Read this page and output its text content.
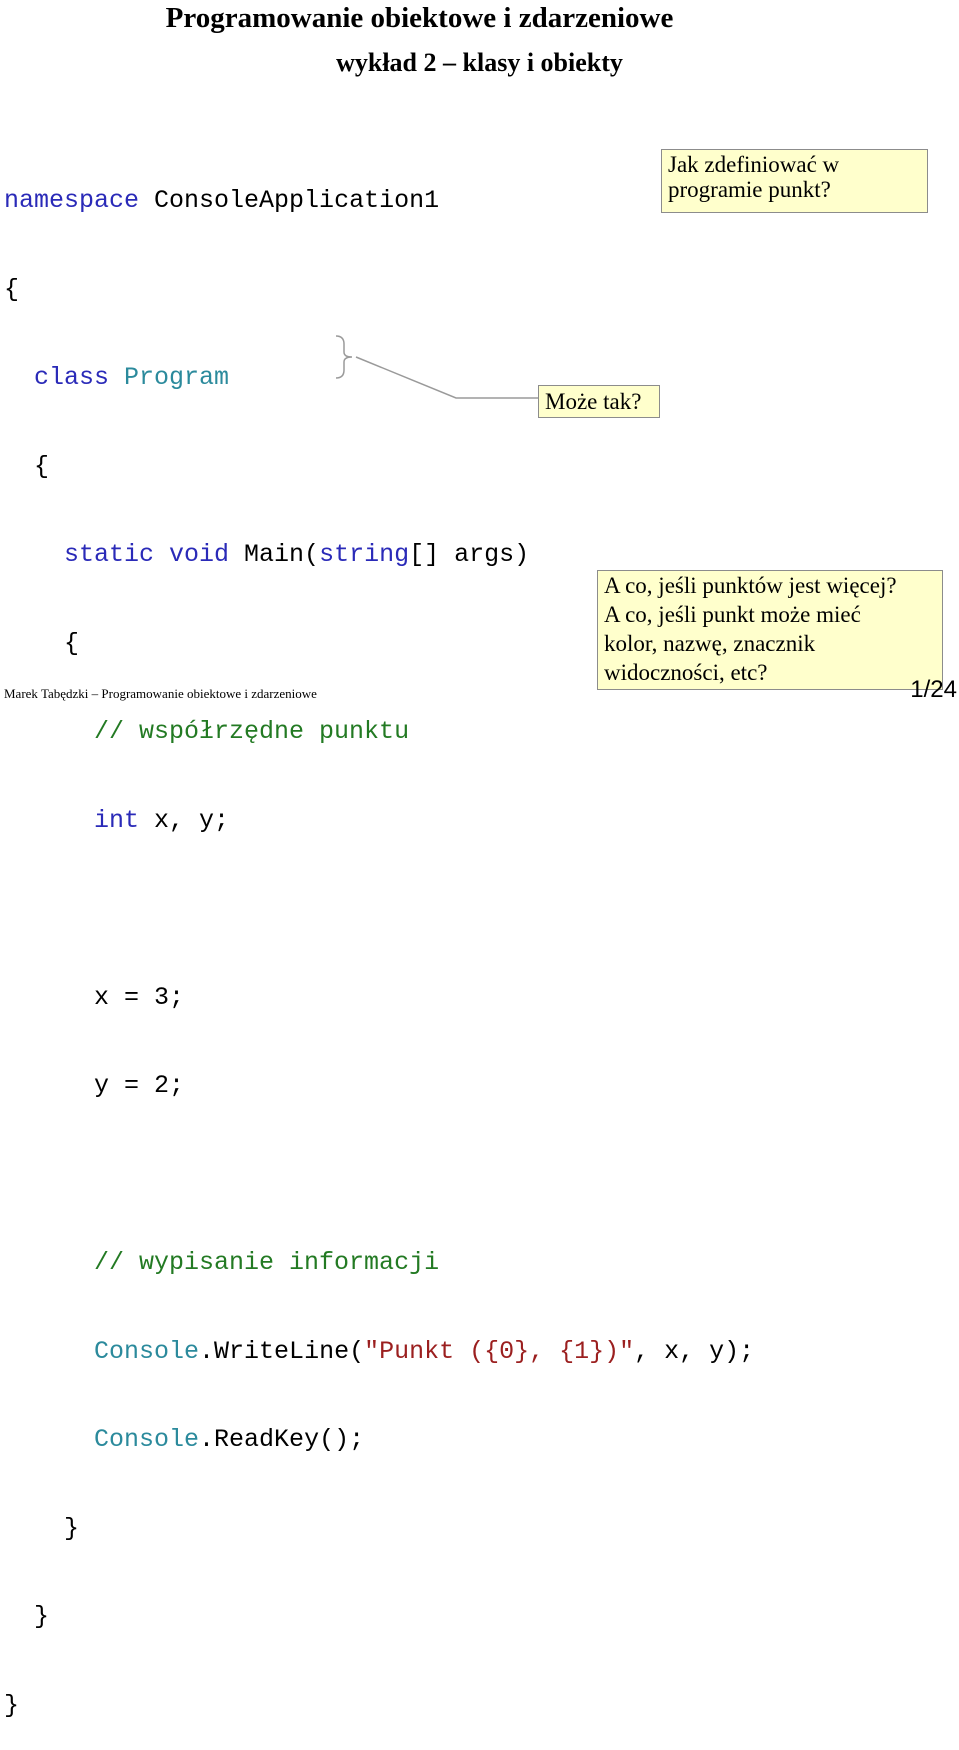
Programowanie obiektowe i zdarzeniowe
wykład 2 – klasy i obiekty

namespace ConsoleApplication1

{

class Program

{

static void Main(string[] args)

{

// współrzędne punktu

int x, y;

x = 3;

y = 2;

// wypisanie informacji

Console.WriteLine("Punkt ({0}, {1})", x, y);

Console.ReadKey();

}

}

}

Jak zdefiniować w programie punkt?
Może tak?
A co, jeśli punktów jest więcej?
A co, jeśli punkt może mieć
kolor, nazwę, znacznik
widoczności, etc?
Marek Tabędzki – Programowanie obiektowe i zdarzeniowe	1/24
